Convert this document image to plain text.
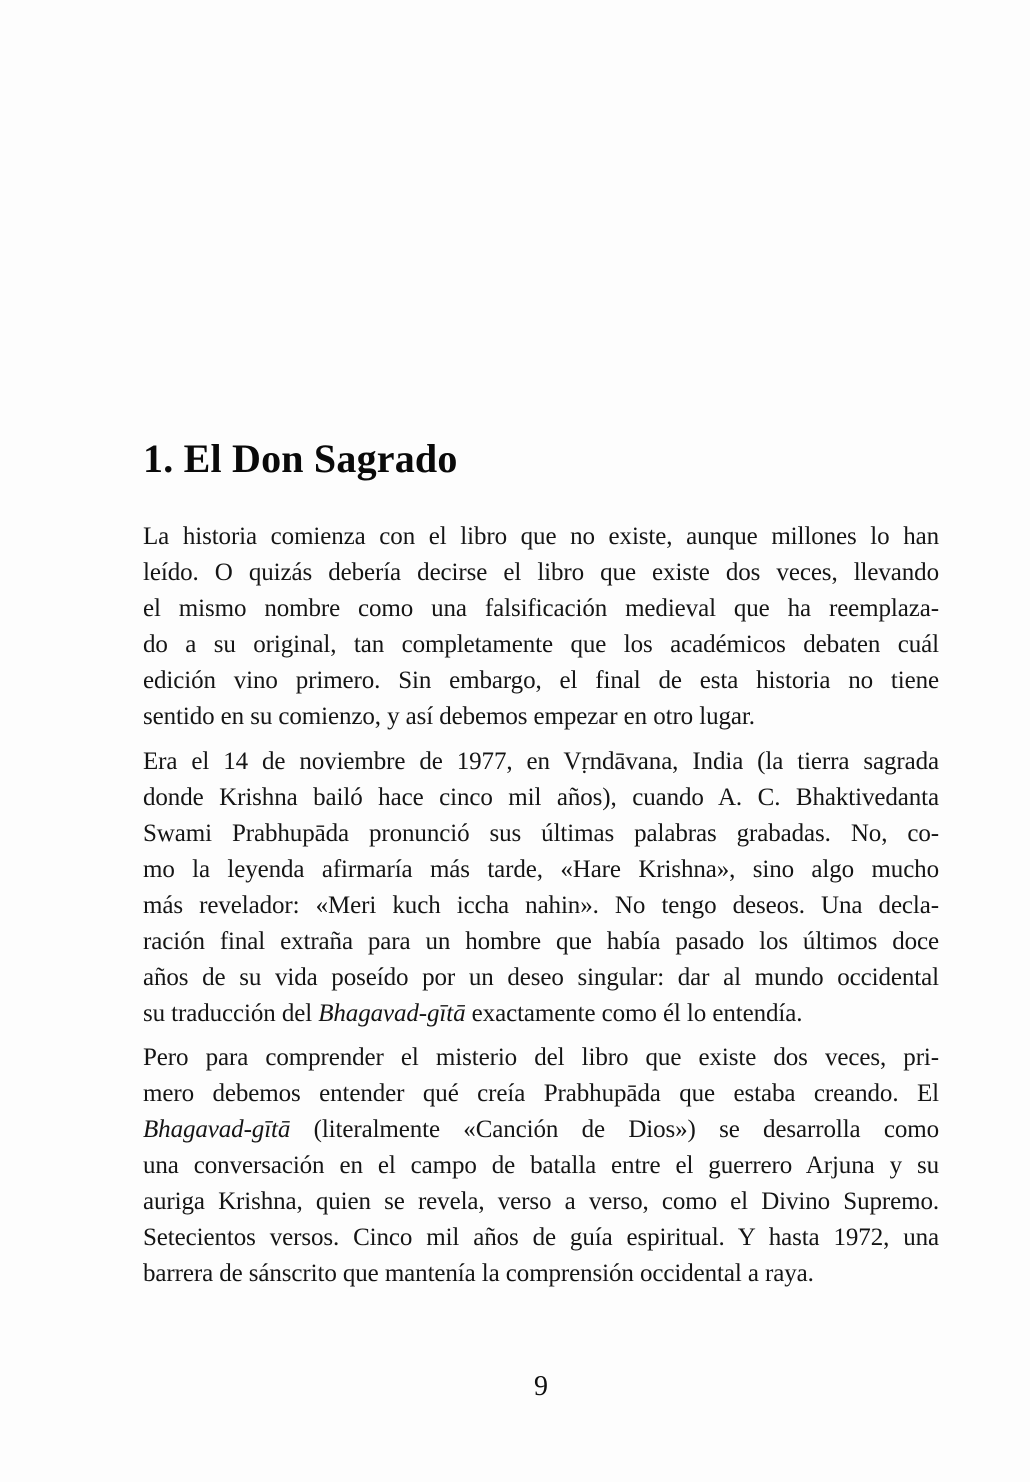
1. El Don Sagrado
La historia comienza con el libro que no existe, aunque millones lo han
leído. O quizás debería decirse el libro que existe dos veces, llevando
el mismo nombre como una falsificación medieval que ha reemplaza-
do a su original, tan completamente que los académicos debaten cuál
edición vino primero. Sin embargo, el final de esta historia no tiene
sentido en su comienzo, y así debemos empezar en otro lugar.
Era el 14 de noviembre de 1977, en Vṛndāvana, India (la tierra sagrada
donde Krishna bailó hace cinco mil años), cuando A. C. Bhaktivedanta
Swami Prabhupāda pronunció sus últimas palabras grabadas. No, co-
mo la leyenda afirmaría más tarde, «Hare Krishna», sino algo mucho
más revelador: «Meri kuch iccha nahin». No tengo deseos. Una decla-
ración final extraña para un hombre que había pasado los últimos doce
años de su vida poseído por un deseo singular: dar al mundo occidental
su traducción del Bhagavad-gītā exactamente como él lo entendía.
Pero para comprender el misterio del libro que existe dos veces, pri-
mero debemos entender qué creía Prabhupāda que estaba creando. El
Bhagavad-gītā (literalmente «Canción de Dios») se desarrolla como
una conversación en el campo de batalla entre el guerrero Arjuna y su
auriga Krishna, quien se revela, verso a verso, como el Divino Supremo.
Setecientos versos. Cinco mil años de guía espiritual. Y hasta 1972, una
barrera de sánscrito que mantenía la comprensión occidental a raya.
9
